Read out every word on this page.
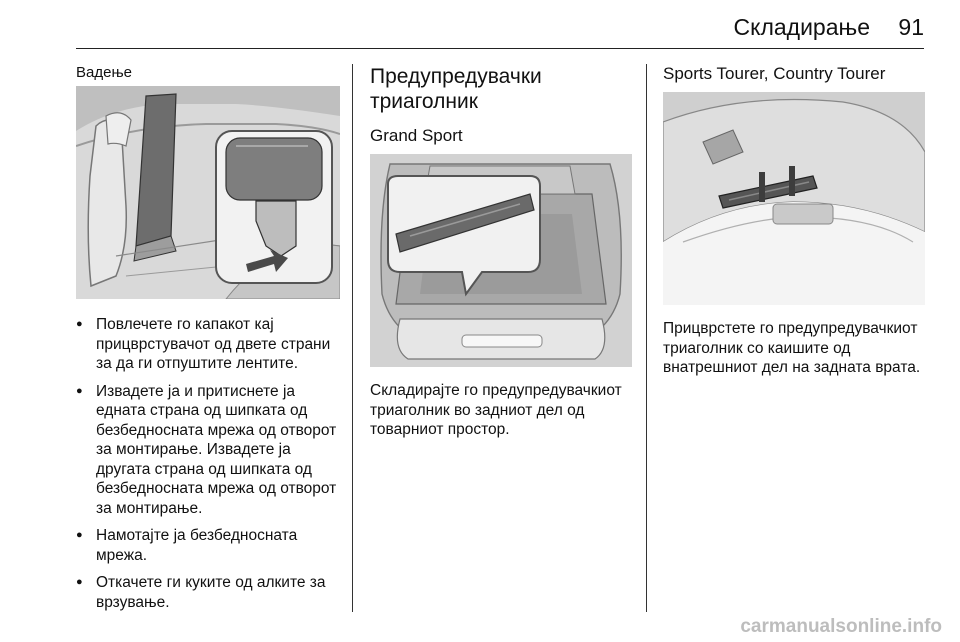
Складирање 91
Вадење
● Повлечете го капакот кај прицврстувачот од двете страни за да ги отпуштите лентите.
● Извадете ја и притиснете ја едната страна од шипката од безбедносната мрежа од отворот за монтирање. Извадете ја другата страна од шипката од безбедносната мрежа од отворот за монтирање.
● Намотајте ја безбедносната мрежа.
● Откачете ги куките од алките за врзување.
Предупредувачки триаголник
Grand Sport

Складирајте го предупредувачкиот триаголник во задниот дел од товарниот простор.

Sports Tourer, Country Tourer

Прицврстете го предупредувачкиот триаголник со каишите од внатрешниот дел на задната врата.

carmanualsonline.info
